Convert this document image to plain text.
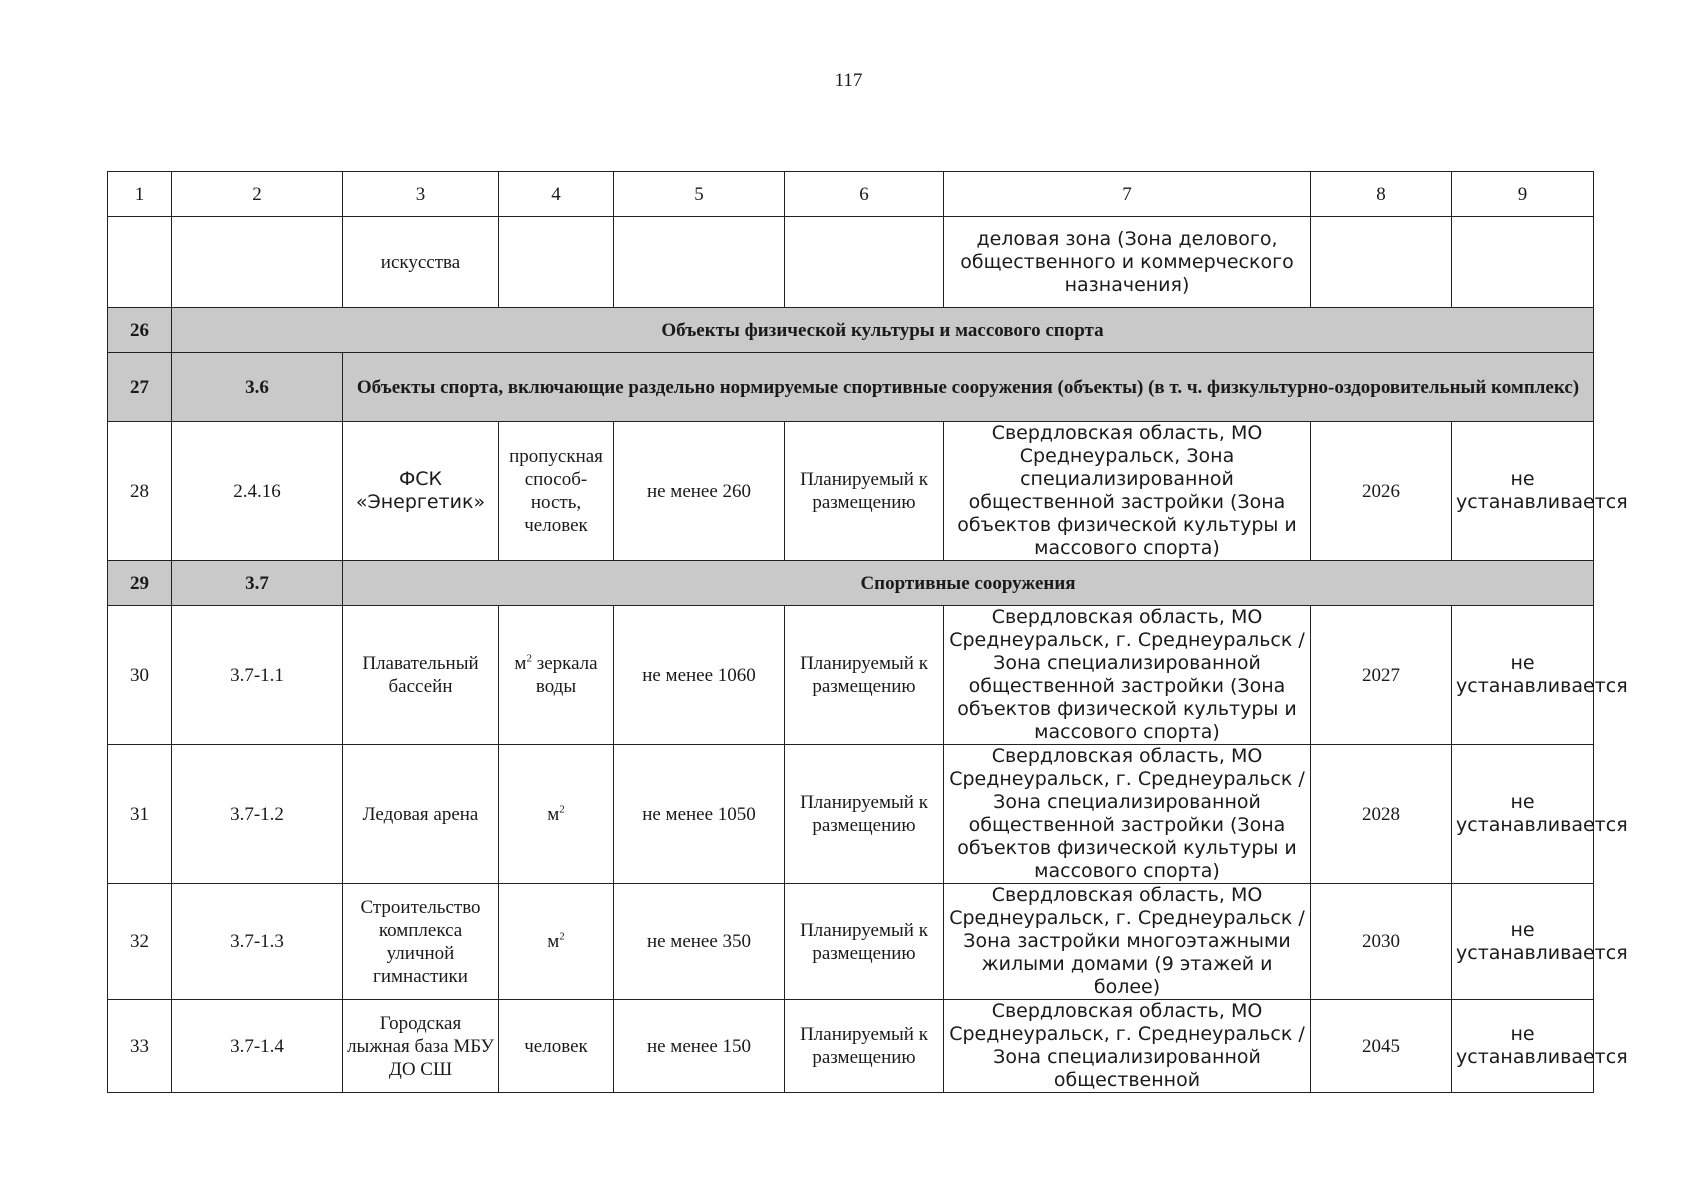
117
1	2	3	4	5	6	7	8	9
		искусства				деловая зона (Зона делового, общественного и коммерческого назначения)		
26	Объекты физической культуры и массового спорта							
27	3.6	Объекты спорта, включающие раздельно нормируемые спортивные сооружения (объекты) (в т. ч. физкультурно-оздоровительный комплекс)						
28	2.4.16	ФСК «Энергетик»	пропускная способ-ность, человек	не менее 260	Планируемый к размещению	Свердловская область, МО Среднеуральск, Зона специализированной общественной застройки (Зона объектов физической культуры и массового спорта)	2026	не устанавливается
29	3.7	Спортивные сооружения						
30	3.7-1.1	Плавательный бассейн	$м^2$ зеркала воды	не менее 1060	Планируемый к размещению	Свердловская область, МО Среднеуральск, г. Среднеуральск / Зона специализированной общественной застройки (Зона объектов физической культуры и массового спорта)	2027	не устанавливается
31	3.7-1.2	Ледовая арена	$м^2$	не менее 1050	Планируемый к размещению	Свердловская область, МО Среднеуральск, г. Среднеуральск / Зона специализированной общественной застройки (Зона объектов физической культуры и массового спорта)	2028	не устанавливается
32	3.7-1.3	Строительство комплекса уличной гимнастики	$м^2$	не менее 350	Планируемый к размещению	Свердловская область, МО Среднеуральск, г. Среднеуральск / Зона застройки многоэтажными жилыми домами (9 этажей и более)	2030	не устанавливается
33	3.7-1.4	Городская лыжная база МБУ ДО СШ	человек	не менее 150	Планируемый к размещению	Свердловская область, МО Среднеуральск, г. Среднеуральск / Зона специализированной общественной	2045	не устанавливается
